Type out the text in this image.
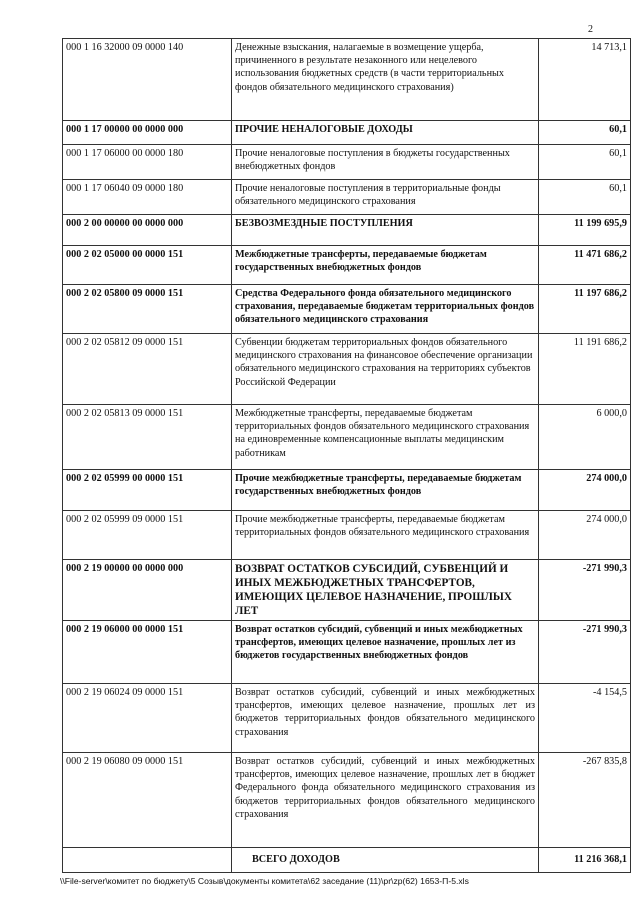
2
000 1 16 32000 09 0000 140	Денежные взыскания, налагаемые в возмещение ущерба, причиненного в результате незаконного или нецелевого использования бюджетных средств (в части территориальных фондов обязательного медицинского страхования)	14 713,1
000 1 17 00000 00 0000 000	ПРОЧИЕ НЕНАЛОГОВЫЕ ДОХОДЫ	60,1
000 1 17 06000 00 0000 180	Прочие неналоговые поступления в бюджеты государственных внебюджетных фондов	60,1
000 1 17 06040 09 0000 180	Прочие неналоговые поступления в территориальные фонды обязательного медицинского страхования	60,1
000 2 00 00000 00 0000 000	БЕЗВОЗМЕЗДНЫЕ ПОСТУПЛЕНИЯ	11 199 695,9
000 2 02 05000 00 0000 151	Межбюджетные трансферты, передаваемые бюджетам государственных внебюджетных фондов	11 471 686,2
000 2 02 05800 09 0000 151	Средства Федерального фонда обязательного медицинского страхования, передаваемые бюджетам территориальных фондов обязательного медицинского страхования	11 197 686,2
000 2 02 05812 09 0000 151	Субвенции бюджетам территориальных фондов обязательного медицинского страхования на финансовое обеспечение организации обязательного медицинского страхования на территориях субъектов Российской Федерации	11 191 686,2
000 2 02 05813 09 0000 151	Межбюджетные трансферты, передаваемые бюджетам территориальных фондов обязательного медицинского страхования на единовременные компенсационные выплаты медицинским работникам	6 000,0
000 2 02 05999 00 0000 151	Прочие межбюджетные трансферты, передаваемые бюджетам государственных внебюджетных фондов	274 000,0
000 2 02 05999 09 0000 151	Прочие межбюджетные трансферты, передаваемые бюджетам территориальных фондов обязательного медицинского страхования	274 000,0
000 2 19 00000 00 0000 000	ВОЗВРАТ ОСТАТКОВ СУБСИДИЙ, СУБВЕНЦИЙ И ИНЫХ МЕЖБЮДЖЕТНЫХ ТРАНСФЕРТОВ, ИМЕЮЩИХ ЦЕЛЕВОЕ НАЗНАЧЕНИЕ, ПРОШЛЫХ ЛЕТ	-271 990,3
000 2 19 06000 00 0000 151	Возврат остатков субсидий, субвенций и иных межбюджетных трансфертов, имеющих целевое назначение, прошлых лет из бюджетов государственных внебюджетных фондов	-271 990,3
000 2 19 06024 09 0000 151	Возврат остатков субсидий, субвенций и иных межбюджетных трансфертов, имеющих целевое назначение, прошлых лет из бюджетов территориальных фондов обязательного медицинского страхования	-4 154,5
000 2 19 06080 09 0000 151	Возврат остатков субсидий, субвенций и иных межбюджетных трансфертов, имеющих целевое назначение, прошлых лет в бюджет Федерального фонда обязательного медицинского страхования из бюджетов территориальных фондов обязательного медицинского страхования	-267 835,8
	ВСЕГО ДОХОДОВ	11 216 368,1
\\File-server\комитет по бюджету\5 Созыв\документы комитета\62 заседание (11)\pr\zp(62) 1653-П-5.xls
